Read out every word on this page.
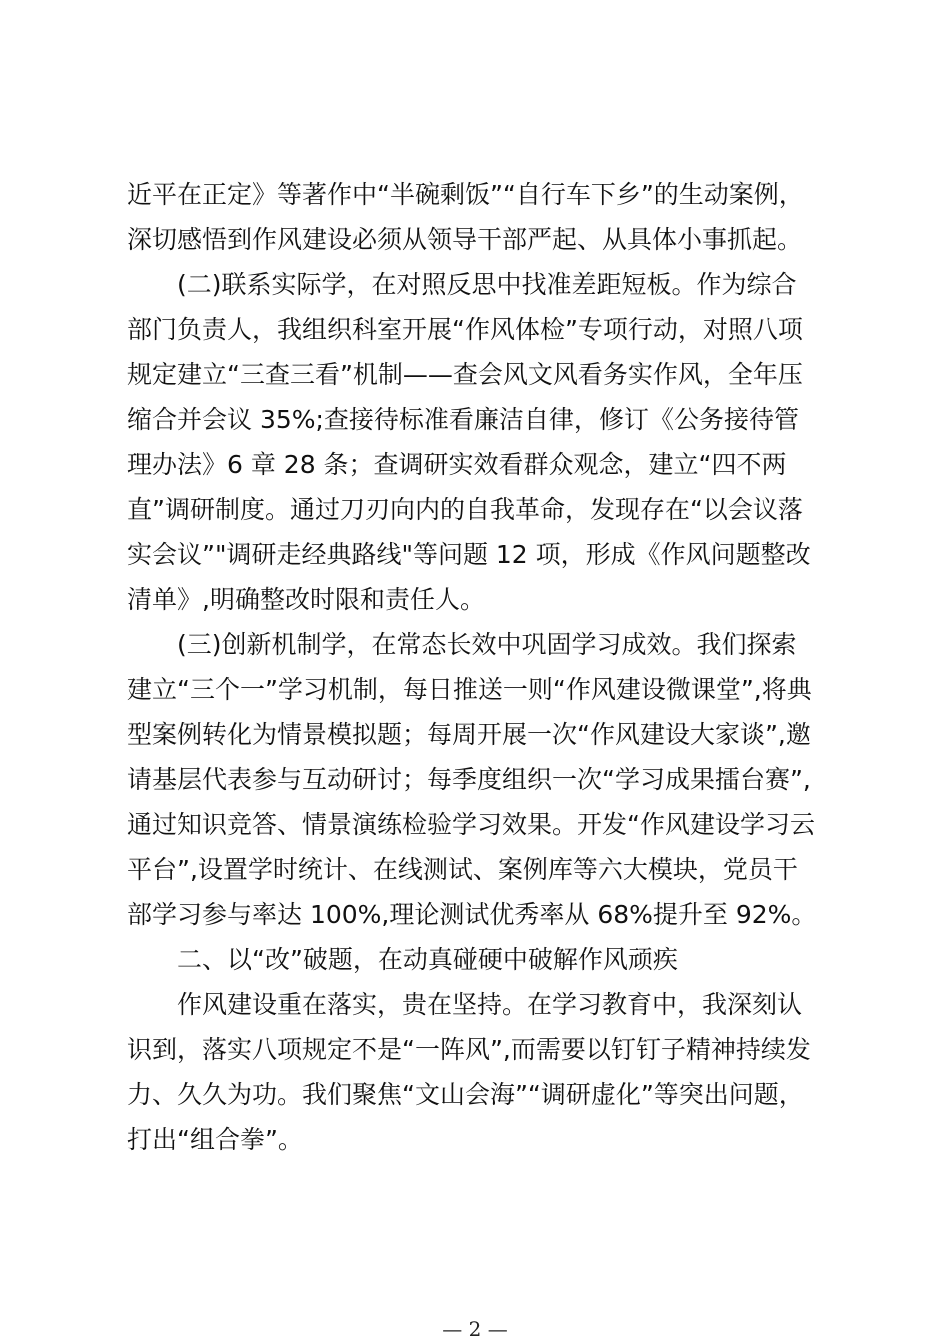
近平在正定》等著作中“半碗剩饭”“自行车下乡”的生动案例，

深切感悟到作风建设必须从领导干部严起、从具体小事抓起。

(二)联系实际学，在对照反思中找准差距短板。作为综合

部门负责人，我组织科室开展“作风体检”专项行动，对照八项

规定建立“三查三看”机制——查会风文风看务实作风，全年压

缩合并会议 35%;查接待标准看廉洁自律，修订《公务接待管

理办法》6 章 28 条；查调研实效看群众观念，建立“四不两

直”调研制度。通过刀刃向内的自我革命，发现存在“以会议落

实会议”"调研走经典路线"等问题 12 项，形成《作风问题整改

清单》,明确整改时限和责任人。

(三)创新机制学，在常态长效中巩固学习成效。我们探索

建立“三个一”学习机制，每日推送一则“作风建设微课堂”,将典

型案例转化为情景模拟题；每周开展一次“作风建设大家谈”,邀

请基层代表参与互动研讨；每季度组织一次“学习成果擂台赛”,

通过知识竞答、情景演练检验学习效果。开发“作风建设学习云

平台”,设置学时统计、在线测试、案例库等六大模块，党员干

部学习参与率达 100%,理论测试优秀率从 68%提升至 92%。

二、以“改”破题，在动真碰硬中破解作风顽疾

作风建设重在落实，贵在坚持。在学习教育中，我深刻认

识到，落实八项规定不是“一阵风”,而需要以钉钉子精神持续发

力、久久为功。我们聚焦“文山会海”“调研虚化”等突出问题，

打出“组合拳”。

— 2 —
